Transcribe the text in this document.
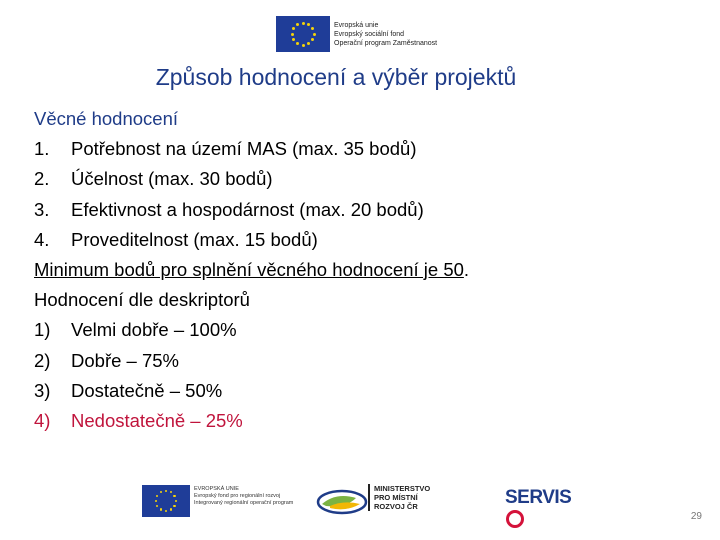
Evropská unie
Evropský sociální fond
Operační program Zaměstnanost
Způsob hodnocení a výběr projektů
Věcné hodnocení
1. Potřebnost na území MAS (max. 35 bodů)
2. Účelnost (max. 30 bodů)
3. Efektivnost a hospodárnost (max. 20 bodů)
4. Proveditelnost (max. 15 bodů)
Minimum bodů pro splnění věcného hodnocení je 50.
Hodnocení dle deskriptorů
1) Velmi dobře – 100%
2) Dobře – 75%
3) Dostatečně – 50%
4) Nedostatečně – 25%
EVROPSKÁ UNIE
Evropský fond pro regionální rozvoj
Integrovaný regionální operační program
MINISTERSTVO
PRO MÍSTNÍ
ROZVOJ ČR	SERVIS
29
